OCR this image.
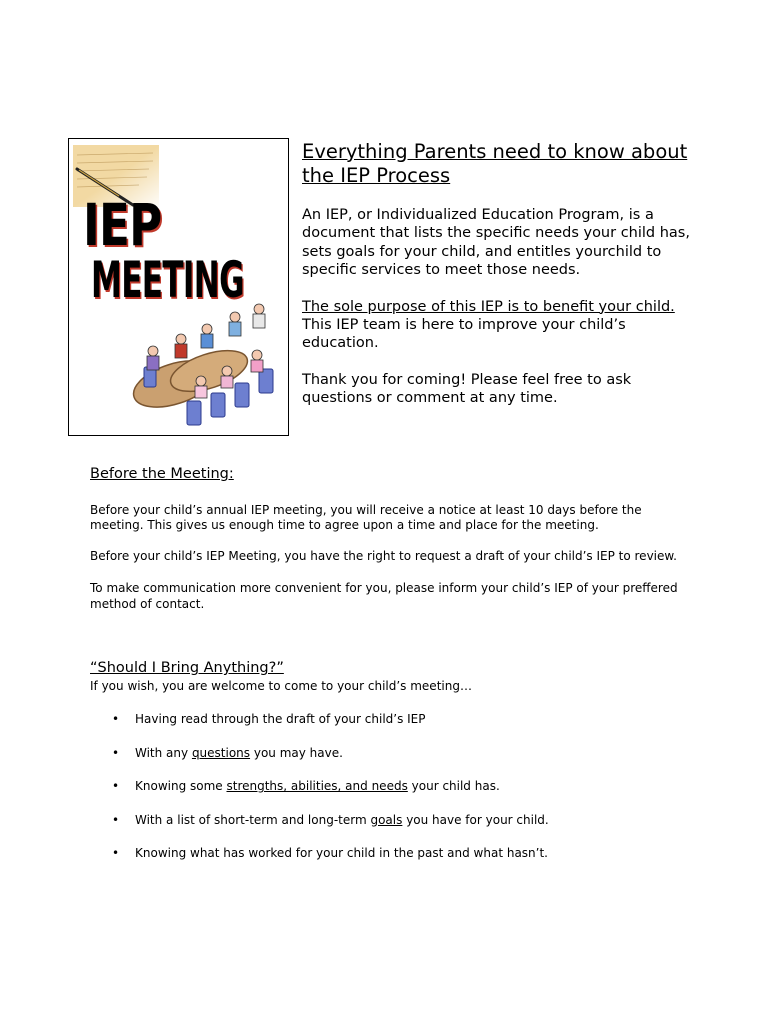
IEP
MEETING
Everything Parents need to know about the IEP Process

An IEP, or Individualized Education Program, is a document that lists the specific needs your child has, sets goals for your child, and entitles yourchild to specific services to meet those needs.

The sole purpose of this IEP is to benefit your child. This IEP team is here to improve your child’s education.

Thank you for coming! Please feel free to ask questions or comment at any time.

Before the Meeting:

Before your child’s annual IEP meeting, you will receive a notice at least 10 days before the meeting. This gives us enough time to agree upon a time and place for the meeting.

Before your child’s IEP Meeting, you have the right to request a draft of your child’s IEP to review.

To make communication more convenient for you, please inform your child’s IEP of your preffered method of contact.

“Should I Bring Anything?”
If you wish, you are welcome to come to your child’s meeting…
• Having read through the draft of your child’s IEP
• With any questions you may have.
• Knowing some strengths, abilities, and needs your child has.
• With a list of short-term and long-term goals you have for your child.
• Knowing what has worked for your child in the past and what hasn’t.
